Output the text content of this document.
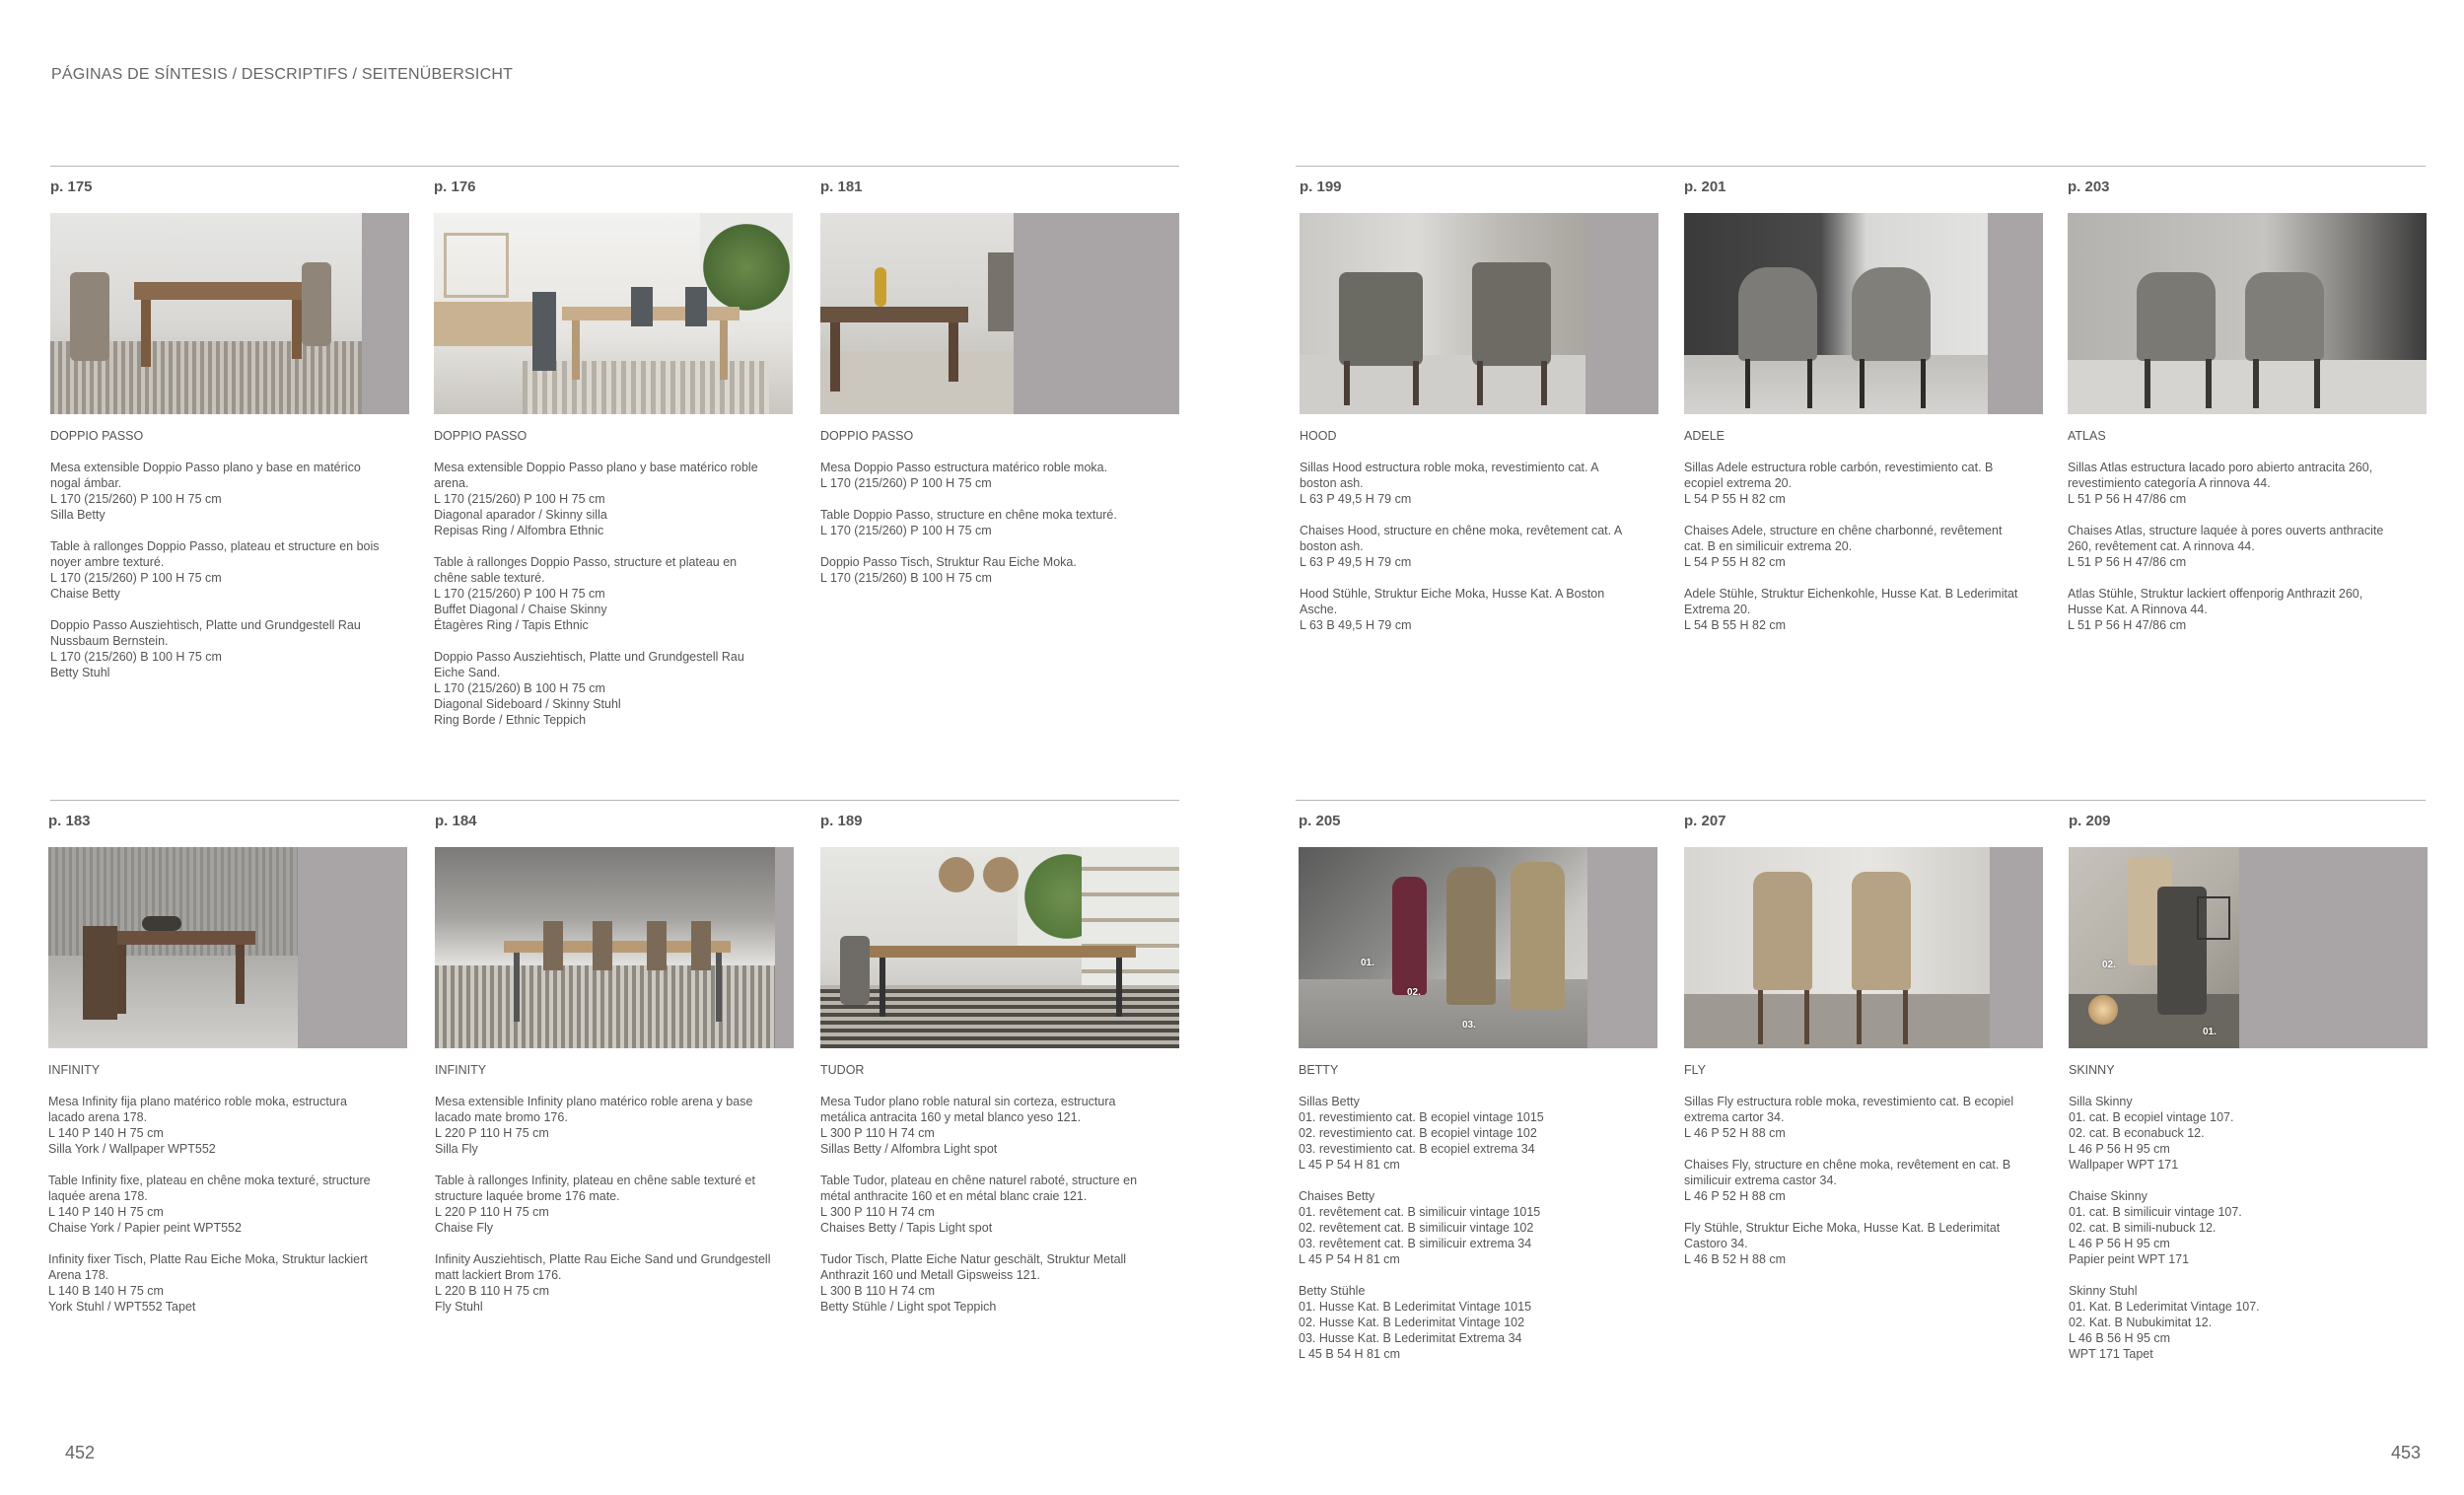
PÁGINAS DE SÍNTESIS / DESCRIPTIFS / SEITENÜBERSICHT
p. 175
DOPPIO PASSO
Mesa extensible Doppio Passo plano y base en matérico
nogal ámbar.
L 170 (215/260) P 100 H 75 cm
Silla Betty
Table à rallonges Doppio Passo, plateau et structure en bois
noyer ambre texturé.
L 170 (215/260) P 100 H 75 cm
Chaise Betty
Doppio Passo Ausziehtisch, Platte und Grundgestell Rau
Nussbaum Bernstein.
L 170 (215/260) B 100 H 75 cm
Betty Stuhl
p. 176
DOPPIO PASSO
Mesa extensible Doppio Passo plano y base matérico roble
arena.
L 170 (215/260) P 100 H 75 cm
Diagonal aparador / Skinny silla
Repisas Ring / Alfombra Ethnic
Table à rallonges Doppio Passo, structure et plateau en
chêne sable texturé.
L 170 (215/260) P 100 H 75 cm
Buffet Diagonal / Chaise Skinny
Étagères Ring / Tapis Ethnic
Doppio Passo Ausziehtisch, Platte und Grundgestell Rau
Eiche Sand.
L 170 (215/260) B 100 H 75 cm
Diagonal Sideboard / Skinny Stuhl
Ring Borde / Ethnic Teppich
p. 181
DOPPIO PASSO
Mesa Doppio Passo estructura matérico roble moka.
L 170 (215/260) P 100 H 75 cm
Table Doppio Passo, structure en chêne moka texturé.
L 170 (215/260) P 100 H 75 cm
Doppio Passo Tisch, Struktur Rau Eiche Moka.
L 170 (215/260) B 100 H 75 cm
p. 199
HOOD
Sillas Hood estructura roble moka, revestimiento cat. A
boston ash.
L 63 P 49,5 H 79 cm
Chaises Hood, structure en chêne moka, revêtement cat. A
boston ash.
L 63 P 49,5 H 79 cm
Hood Stühle, Struktur Eiche Moka, Husse Kat. A Boston
Asche.
L 63 B 49,5 H 79 cm
p. 201
ADELE
Sillas Adele estructura roble carbón, revestimiento cat. B
ecopiel extrema 20.
L 54 P 55 H 82 cm
Chaises Adele, structure en chêne charbonné, revêtement
cat. B en similicuir extrema 20.
L 54 P 55 H 82 cm
Adele Stühle, Struktur Eichenkohle, Husse Kat. B Lederimitat
Extrema 20.
L 54 B 55 H 82 cm
p. 203
ATLAS
Sillas Atlas estructura lacado poro abierto antracita 260,
revestimiento categoría A rinnova 44.
L 51 P 56 H 47/86 cm
Chaises Atlas, structure laquée à pores ouverts anthracite
260, revêtement cat. A rinnova 44.
L 51 P 56 H 47/86 cm
Atlas Stühle, Struktur lackiert offenporig Anthrazit 260,
Husse Kat. A Rinnova 44.
L 51 P 56 H 47/86 cm
p. 183
INFINITY
Mesa Infinity fija plano matérico roble moka, estructura
lacado arena 178.
L 140 P 140 H 75 cm
Silla York / Wallpaper WPT552
Table Infinity fixe, plateau en chêne moka texturé, structure
laquée arena 178.
L 140 P 140 H 75 cm
Chaise York / Papier peint WPT552
Infinity fixer Tisch, Platte Rau Eiche Moka, Struktur lackiert
Arena 178.
L 140 B 140 H 75 cm
York Stuhl / WPT552 Tapet
p. 184
INFINITY
Mesa extensible Infinity plano matérico roble arena y base
lacado mate bromo 176.
L 220 P 110 H 75 cm
Silla Fly
Table à rallonges Infinity, plateau en chêne sable texturé et
structure laquée brome 176 mate.
L 220 P 110 H 75 cm
Chaise Fly
Infinity Ausziehtisch, Platte Rau Eiche Sand und Grundgestell
matt lackiert Brom 176.
L 220 B 110 H 75 cm
Fly Stuhl
p. 189
TUDOR
Mesa Tudor plano roble natural sin corteza, estructura
metálica antracita 160 y metal blanco yeso 121.
L 300 P 110 H 74 cm
Sillas Betty / Alfombra Light spot
Table Tudor, plateau en chêne naturel raboté, structure en
métal anthracite 160 et en métal blanc craie 121.
L 300 P 110 H 74 cm
Chaises Betty / Tapis Light spot
Tudor Tisch, Platte Eiche Natur geschält, Struktur Metall
Anthrazit 160 und Metall Gipsweiss 121.
L 300 B 110 H 74 cm
Betty Stühle / Light spot Teppich
p. 205
01.
02.
03.
BETTY
Sillas Betty
01. revestimiento cat. B ecopiel vintage 1015
02. revestimiento cat. B ecopiel vintage 102
03. revestimiento cat. B ecopiel extrema 34
L 45 P 54 H 81 cm
Chaises Betty
01. revêtement cat. B similicuir vintage 1015
02. revêtement cat. B similicuir vintage 102
03. revêtement cat. B similicuir extrema 34
L 45 P 54 H 81 cm
Betty Stühle
01. Husse Kat. B Lederimitat Vintage 1015
02. Husse Kat. B Lederimitat Vintage 102
03. Husse Kat. B Lederimitat Extrema 34
L 45 B 54 H 81 cm
p. 207
FLY
Sillas Fly estructura roble moka, revestimiento cat. B ecopiel
extrema cartor 34.
L 46 P 52 H 88 cm
Chaises Fly, structure en chêne moka, revêtement en cat. B
similicuir extrema castor 34.
L 46 P 52 H 88 cm
Fly Stühle, Struktur Eiche Moka, Husse Kat. B Lederimitat
Castoro 34.
L 46 B 52 H 88 cm
p. 209
02.
01.
SKINNY
Silla Skinny
01. cat. B ecopiel vintage 107.
02. cat. B econabuck 12.
L 46 P 56 H 95 cm
Wallpaper WPT 171
Chaise Skinny
01. cat. B similicuir vintage 107.
02. cat. B simili-nubuck 12.
L 46 P 56 H 95 cm
Papier peint WPT 171
Skinny Stuhl
01. Kat. B Lederimitat Vintage 107.
02. Kat. B Nubukimitat 12.
L 46 B 56 H 95 cm
WPT 171 Tapet
452	453
